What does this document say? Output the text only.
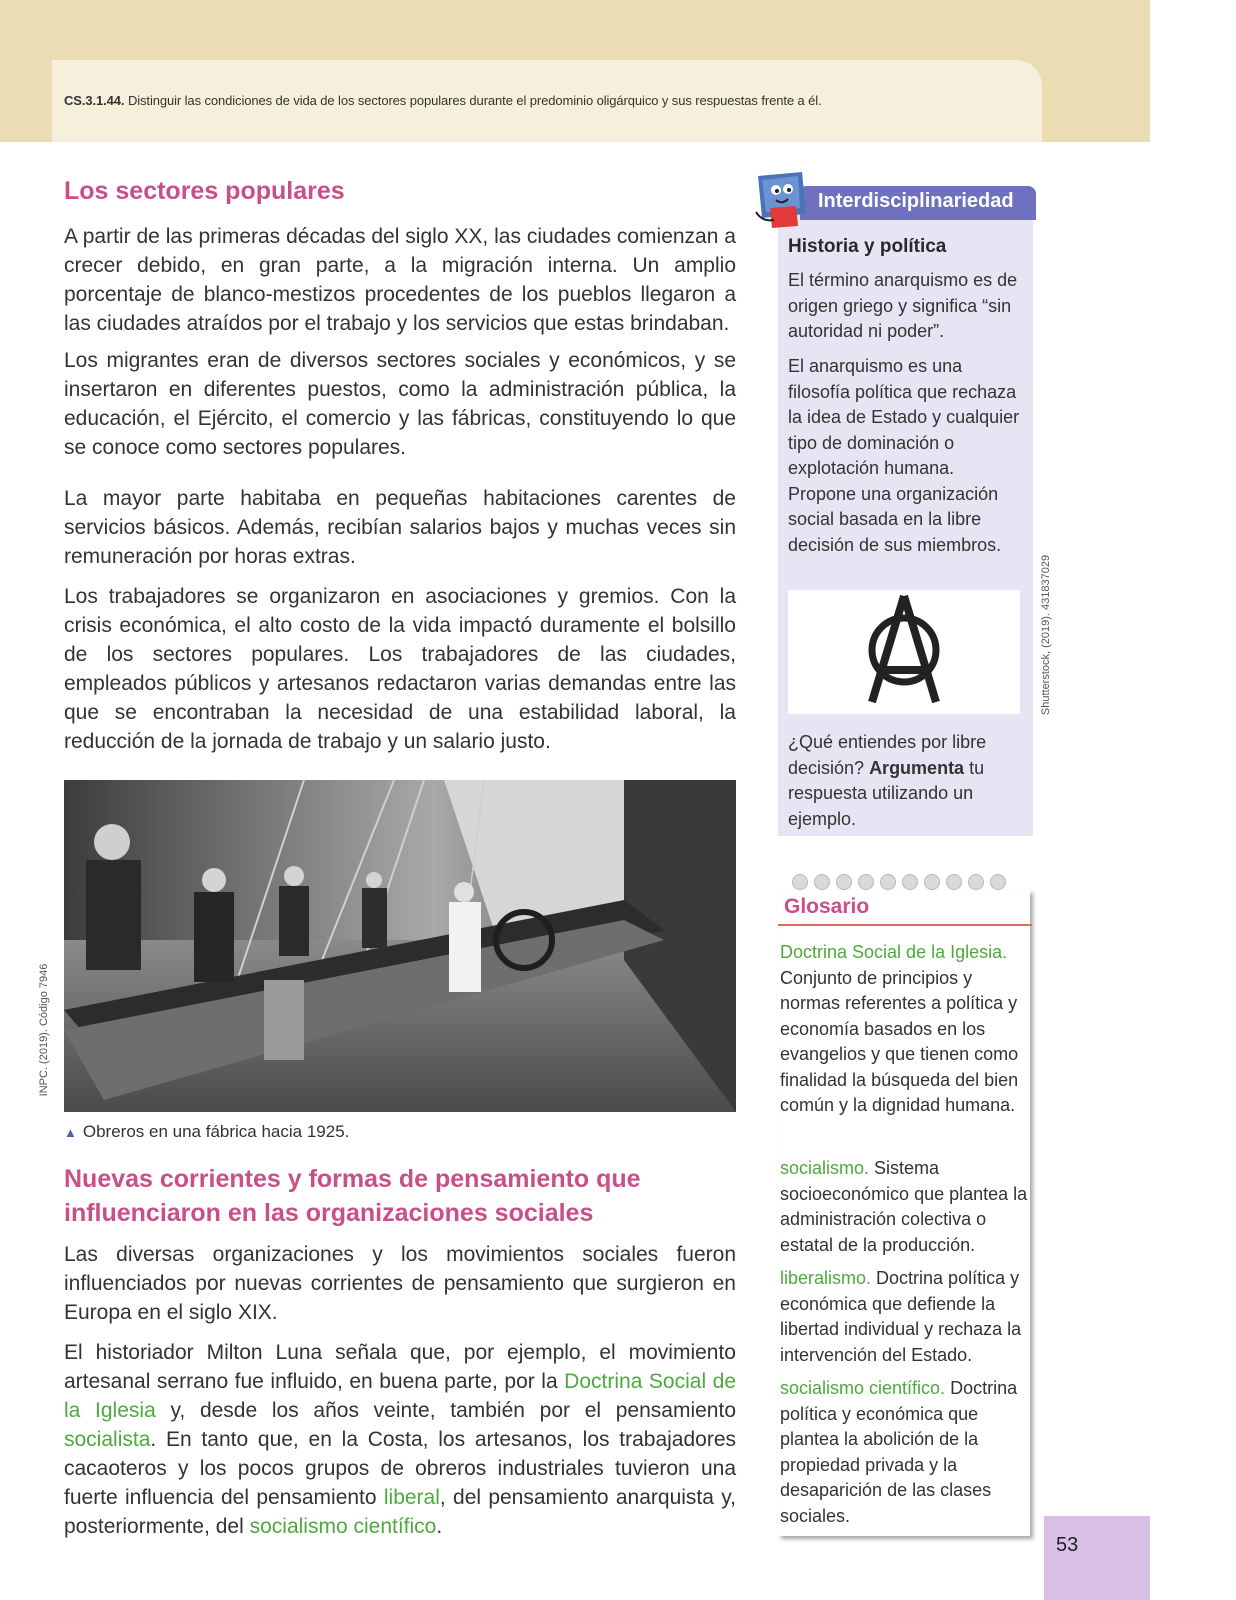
CS.3.1.44. Distinguir las condiciones de vida de los sectores populares durante el predominio oligárquico y sus respuestas frente a él.
Los sectores populares

A partir de las primeras décadas del siglo XX, las ciudades comienzan a crecer debido, en gran parte, a la migración interna. Un amplio porcentaje de blanco-mestizos procedentes de los pueblos llegaron a las ciudades atraídos por el trabajo y los servicios que estas brindaban.

Los migrantes eran de diversos sectores sociales y económicos, y se insertaron en diferentes puestos, como la administración pública, la educación, el Ejército, el comercio y las fábricas, constituyendo lo que se conoce como sectores populares.

La mayor parte habitaba en pequeñas habitaciones carentes de servicios básicos. Además, recibían salarios bajos y muchas veces sin remuneración por horas extras.

Los trabajadores se organizaron en asociaciones y gremios. Con la crisis económica, el alto costo de la vida impactó duramente el bolsillo de los sectores populares. Los trabajadores de las ciudades, empleados públicos y artesanos redactaron varias demandas entre las que se encontraban la necesidad de una estabilidad laboral, la reducción de la jornada de trabajo y un salario justo.

▲ Obreros en una fábrica hacia 1925.
INPC. (2019). Código 7946
Nuevas corrientes y formas de pensamiento que
influenciaron en las organizaciones sociales

Las diversas organizaciones y los movimientos sociales fueron influenciados por nuevas corrientes de pensamiento que surgieron en Europa en el siglo XIX.

El historiador Milton Luna señala que, por ejemplo, el movimiento artesanal serrano fue influido, en buena parte, por la Doctrina Social de la Iglesia y, desde los años veinte, también por el pensamiento socialista. En tanto que, en la Costa, los artesanos, los trabajadores cacaoteros y los pocos grupos de obreros industriales tuvieron una fuerte influencia del pensamiento liberal, del pensamiento anarquista y, posteriormente, del socialismo científico.

Interdisciplinariedad
Historia y política

El término anarquismo es de origen griego y significa “sin autoridad ni poder”.

El anarquismo es una filosofía política que rechaza la idea de Estado y cualquier tipo de dominación o explotación humana. Propone una organización social basada en la libre decisión de sus miembros.

¿Qué entiendes por libre decisión? Argumenta tu respuesta utilizando un ejemplo.

Shutterstock, (2019). 431837029
Glosario

Doctrina Social de la Iglesia. Conjunto de principios y normas referentes a política y economía basados en los evangelios y que tienen como finalidad la búsqueda del bien común y la dignidad humana.

socialismo. Sistema socioeconómico que plantea la administración colectiva o estatal de la producción.

liberalismo. Doctrina política y económica que defiende la libertad individual y rechaza la intervención del Estado.

socialismo científico. Doctrina política y económica que plantea la abolición de la propiedad privada y la desaparición de las clases sociales.

53
